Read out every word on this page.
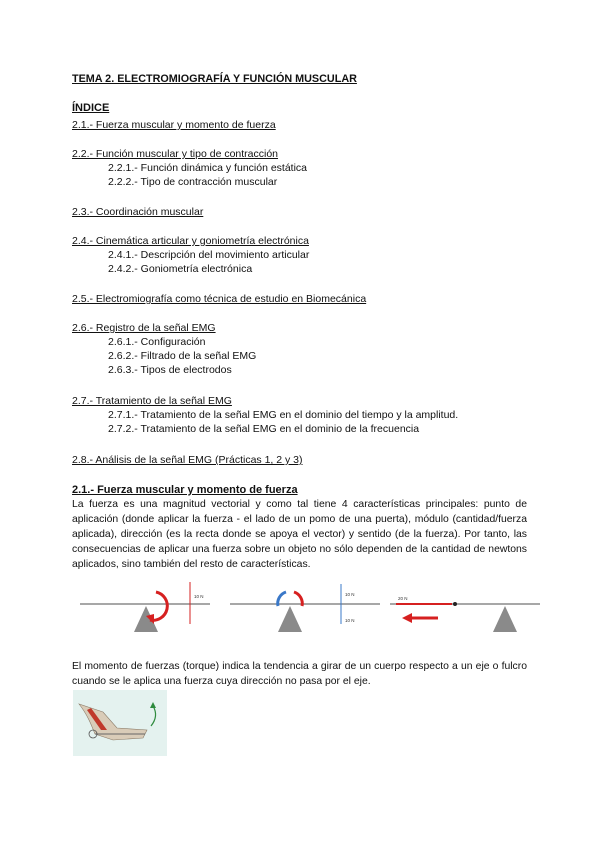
TEMA 2. ELECTROMIOGRAFÍA Y FUNCIÓN MUSCULAR
ÍNDICE
2.1.- Fuerza muscular y momento de fuerza
2.2.- Función muscular y tipo de contracción
2.2.1.- Función dinámica y función estática
2.2.2.- Tipo de contracción muscular
2.3.- Coordinación muscular
2.4.- Cinemática articular y goniometría electrónica
2.4.1.- Descripción del movimiento articular
2.4.2.- Goniometría electrónica
2.5.- Electromiografía como técnica de estudio en Biomecánica
2.6.- Registro de la señal EMG
2.6.1.- Configuración
2.6.2.- Filtrado de la señal EMG
2.6.3.- Tipos de electrodos
2.7.- Tratamiento de la señal EMG
2.7.1.- Tratamiento de la señal EMG en el dominio del tiempo y la amplitud.
2.7.2.- Tratamiento de la señal EMG en el dominio de la frecuencia
2.8.- Análisis de la señal EMG (Prácticas 1, 2 y 3)
2.1.- Fuerza muscular y momento de fuerza
La fuerza es una magnitud vectorial y como tal tiene 4 características principales: punto de aplicación (donde aplicar la fuerza - el lado de un pomo de una puerta), módulo (cantidad/fuerza aplicada), dirección (es la recta donde se apoya el vector) y sentido (de la fuerza). Por tanto, las consecuencias de aplicar una fuerza sobre un objeto no sólo dependen de la cantidad de newtons aplicados, sino también del resto de características.
10 N	10 N
10 N
20 N
El momento de fuerzas (torque) indica la tendencia a girar de un cuerpo respecto a un eje o fulcro cuando se le aplica una fuerza cuya dirección no pasa por el eje.
